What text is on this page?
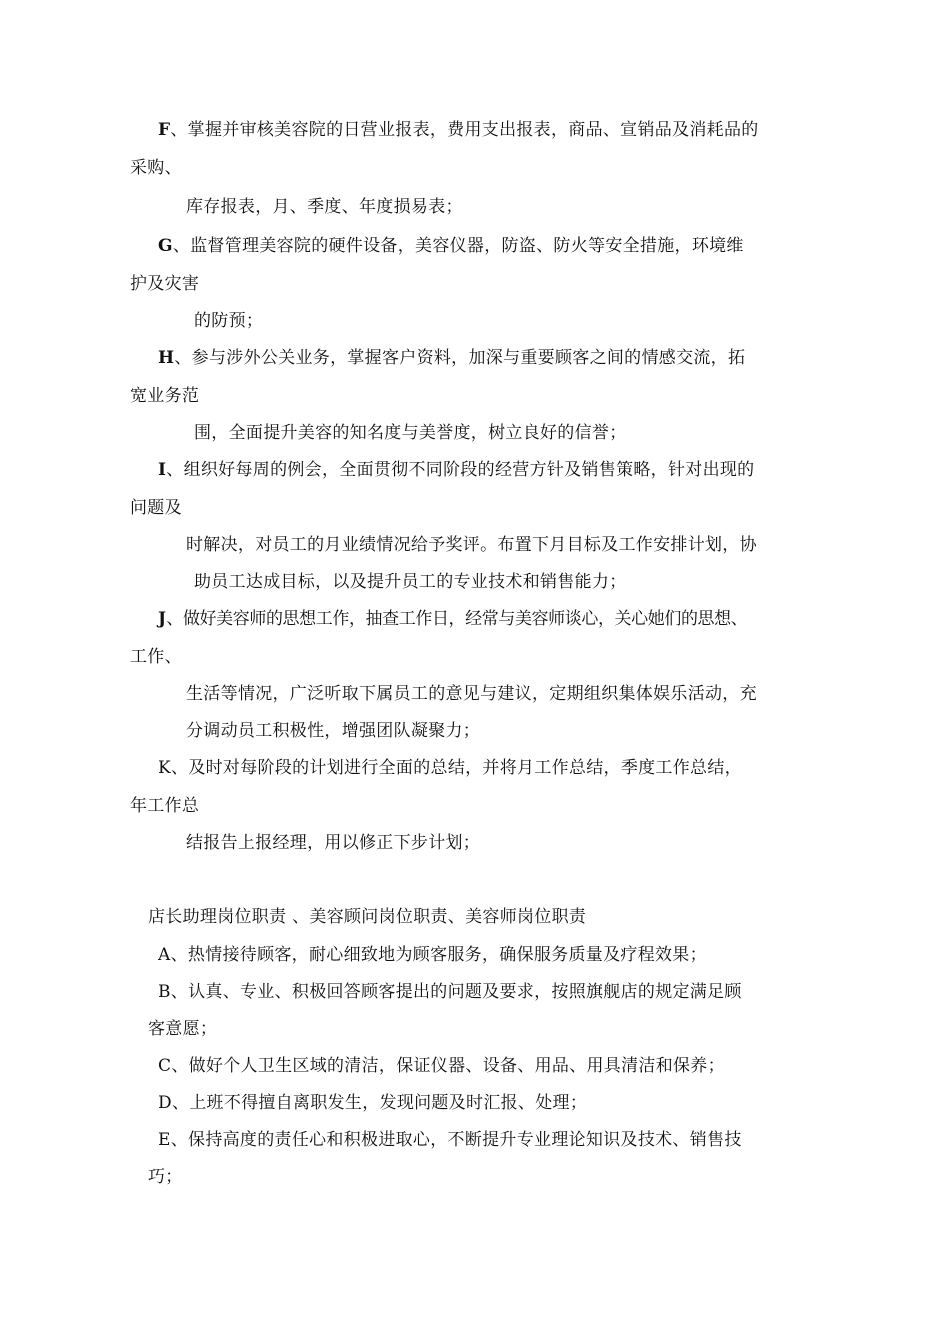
F、掌握并审核美容院的日营业报表，费用支出报表，商品、宣销品及消耗品的
采购、
库存报表，月、季度、年度损易表；
G、监督管理美容院的硬件设备，美容仪器，防盗、防火等安全措施，环境维
护及灾害
的防预；
H、参与涉外公关业务，掌握客户资料，加深与重要顾客之间的情感交流，拓
宽业务范
围，全面提升美容的知名度与美誉度，树立良好的信誉；
I、组织好每周的例会，全面贯彻不同阶段的经营方针及销售策略，针对出现的
问题及
时解决，对员工的月业绩情况给予奖评。布置下月目标及工作安排计划，协
助员工达成目标，以及提升员工的专业技术和销售能力；
J、做好美容师的思想工作，抽查工作日，经常与美容师谈心，关心她们的思想、
工作、
生活等情况，广泛听取下属员工的意见与建议，定期组织集体娱乐活动，充
分调动员工积极性，增强团队凝聚力；
K、及时对每阶段的计划进行全面的总结，并将月工作总结，季度工作总结，
年工作总
结报告上报经理，用以修正下步计划；
店长助理岗位职责 、美容顾问岗位职责、美容师岗位职责
A、热情接待顾客，耐心细致地为顾客服务，确保服务质量及疗程效果；
B、认真、专业、积极回答顾客提出的问题及要求，按照旗舰店的规定满足顾
客意愿；
C、做好个人卫生区域的清洁，保证仪器、设备、用品、用具清洁和保养；
D、上班不得擅自离职发生，发现问题及时汇报、处理；
E、保持高度的责任心和积极进取心，不断提升专业理论知识及技术、销售技
巧；
